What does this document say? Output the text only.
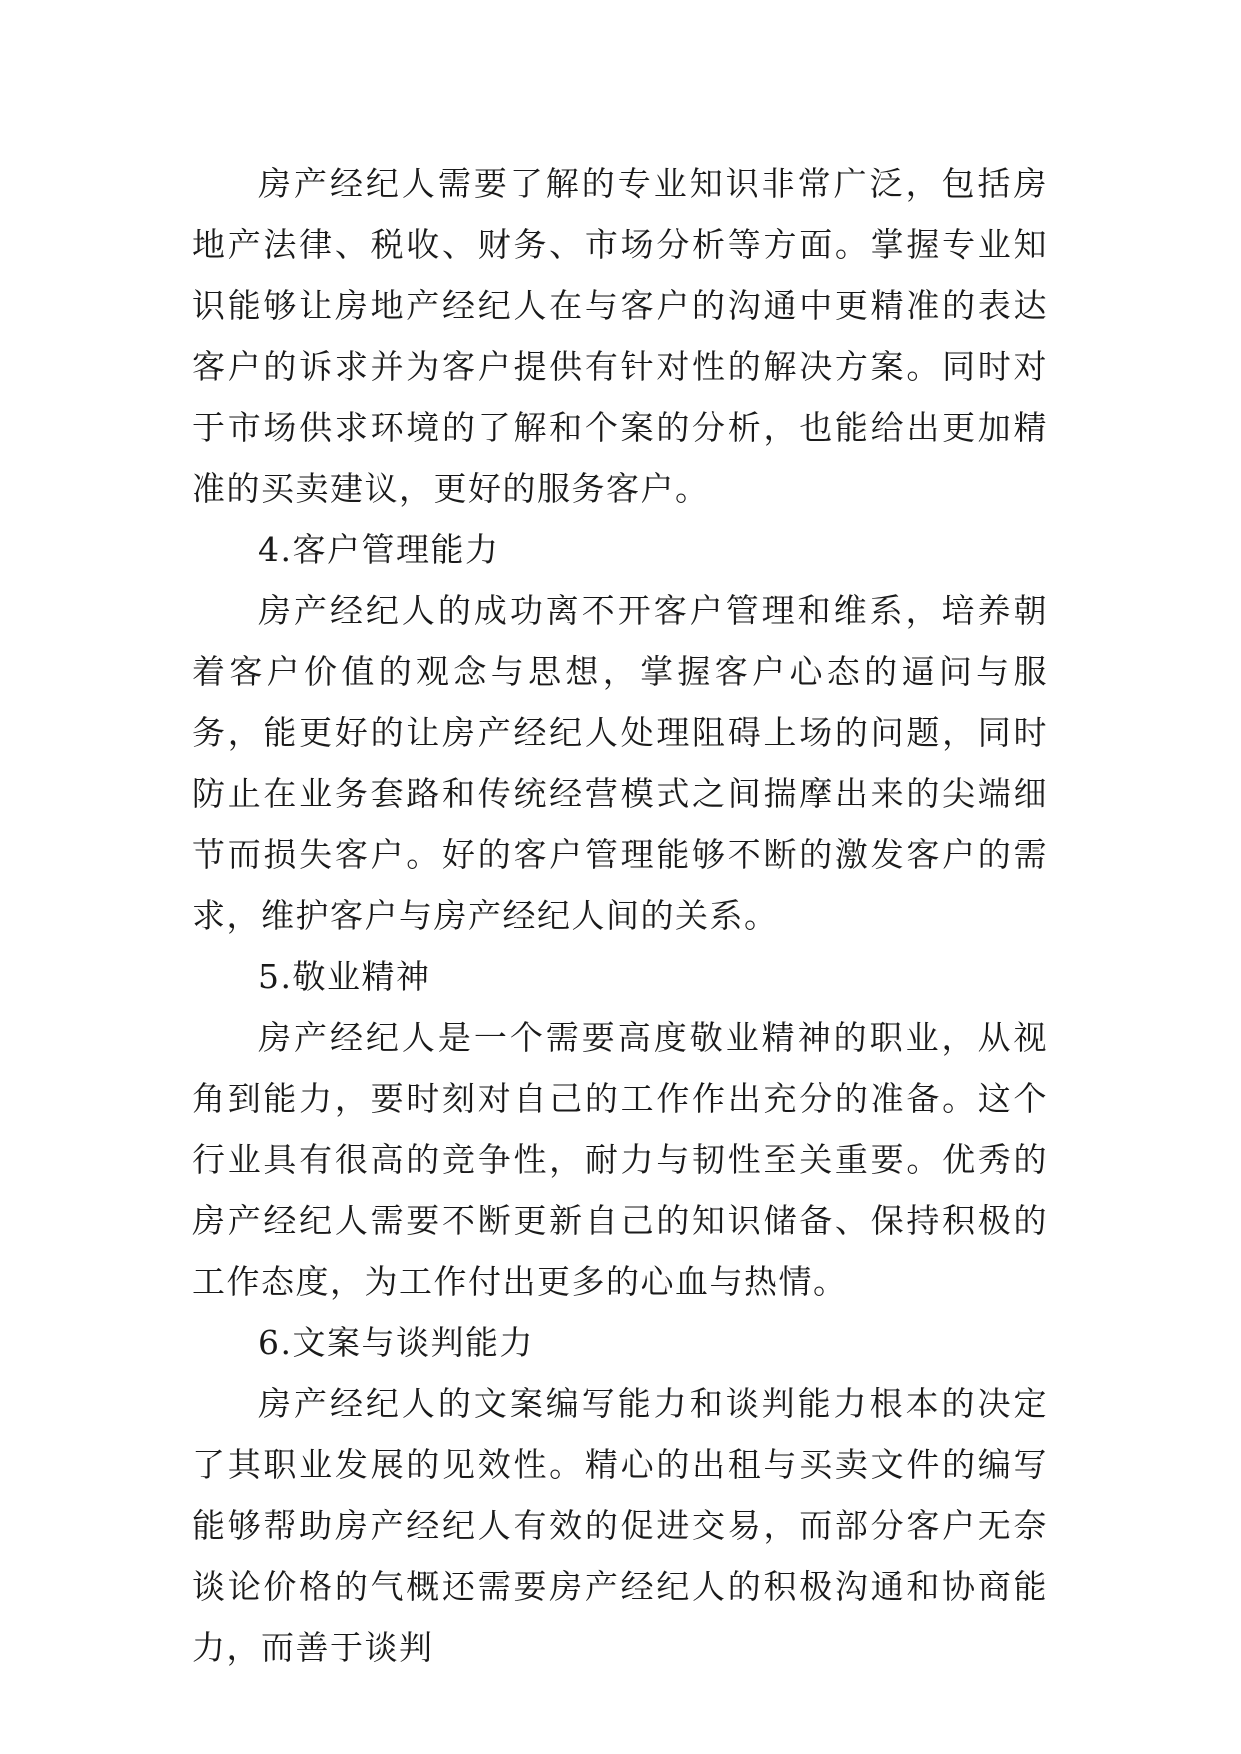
房产经纪人需要了解的专业知识非常广泛，包括房地产法律、税收、财务、市场分析等方面。掌握专业知识能够让房地产经纪人在与客户的沟通中更精准的表达客户的诉求并为客户提供有针对性的解决方案。同时对于市场供求环境的了解和个案的分析，也能给出更加精准的买卖建议，更好的服务客户。

4.客户管理能力

房产经纪人的成功离不开客户管理和维系，培养朝着客户价值的观念与思想，掌握客户心态的逼问与服务，能更好的让房产经纪人处理阻碍上场的问题，同时防止在业务套路和传统经营模式之间揣摩出来的尖端细节而损失客户。好的客户管理能够不断的激发客户的需求，维护客户与房产经纪人间的关系。

5.敬业精神

房产经纪人是一个需要高度敬业精神的职业，从视角到能力，要时刻对自己的工作作出充分的准备。这个行业具有很高的竞争性，耐力与韧性至关重要。优秀的房产经纪人需要不断更新自己的知识储备、保持积极的工作态度，为工作付出更多的心血与热情。

6.文案与谈判能力

房产经纪人的文案编写能力和谈判能力根本的决定了其职业发展的见效性。精心的出租与买卖文件的编写能够帮助房产经纪人有效的促进交易，而部分客户无奈谈论价格的气概还需要房产经纪人的积极沟通和协商能力，而善于谈判
